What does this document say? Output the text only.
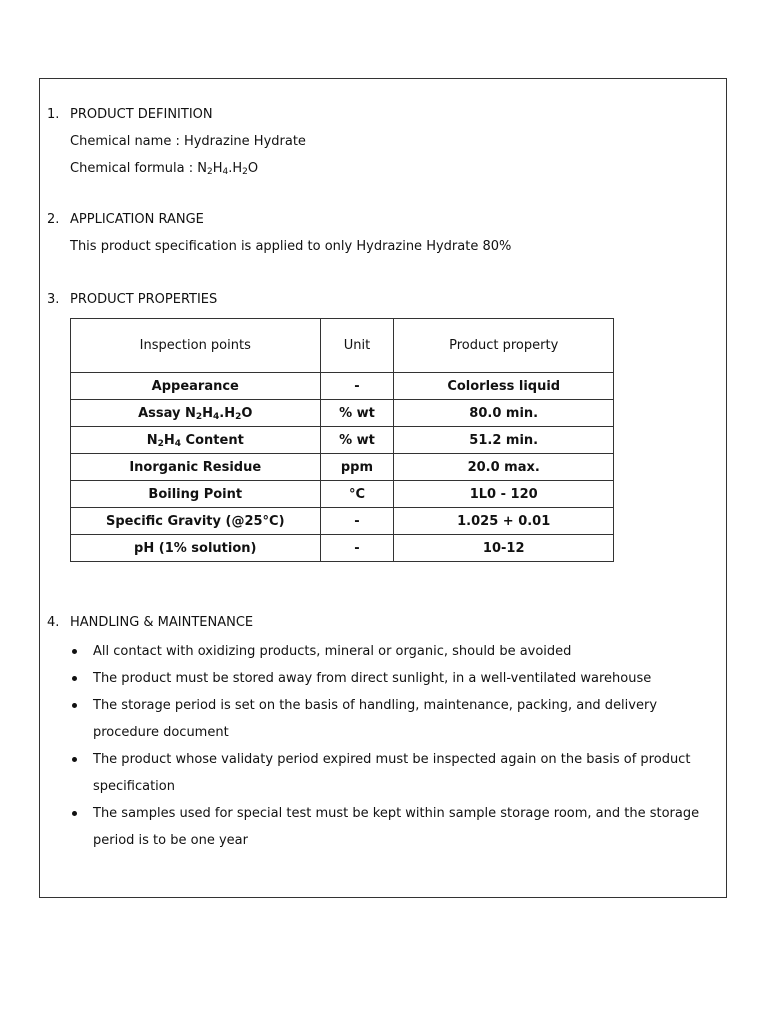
1. PRODUCT DEFINITION
Chemical name : Hydrazine Hydrate
Chemical formula : $N_2H_4.H_2O$
2. APPLICATION RANGE
This product specification is applied to only Hydrazine Hydrate 80%
3. PRODUCT PROPERTIES
Inspection points	Unit	Product property
Appearance	-	Colorless liquid
Assay $N_2H_4.H_2O$	% wt	80.0 min.
$N_2H_4$ Content	% wt	51.2 min.
Inorganic Residue	ppm	20.0 max.
Boiling Point	°C	1L0 - 120
Specific Gravity (@25°C)	-	1.025 + 0.01
pH (1% solution)	-	10-12
4. HANDLING & MAINTENANCE
All contact with oxidizing products, mineral or organic, should be avoided
The product must be stored away from direct sunlight, in a well-ventilated warehouse
The storage period is set on the basis of handling, maintenance, packing, and delivery procedure document
The product whose validaty period expired must be inspected again on the basis of product specification
The samples used for special test must be kept within sample storage room, and the storage period is to be one year
